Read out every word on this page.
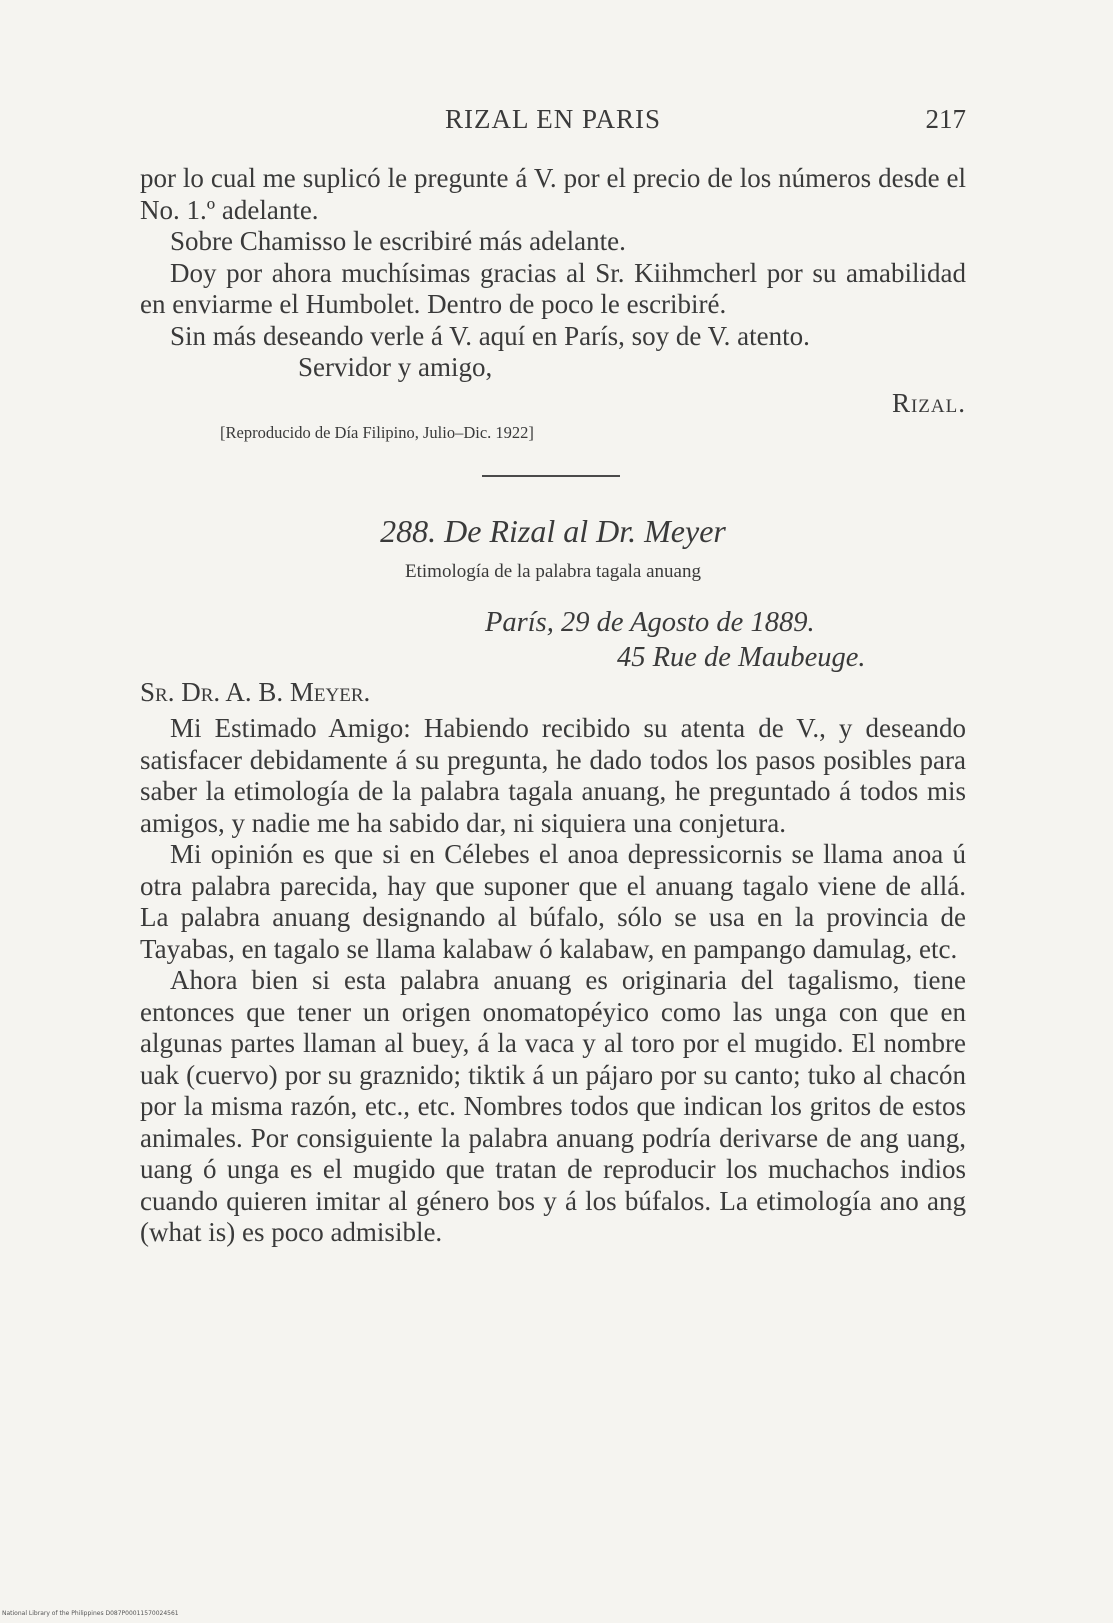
RIZAL EN PARIS	217

por lo cual me suplicó le pregunte á V. por el precio de los números desde el No. 1.º adelante.

Sobre Chamisso le escribiré más adelante.

Doy por ahora muchísimas gracias al Sr. Kiihmcherl por su amabilidad en enviarme el Humbolet. Dentro de poco le escribiré.

Sin más deseando verle á V. aquí en París, soy de V. atento.

Servidor y amigo,

Rizal.

[Reproducido de Día Filipino, Julio–Dic. 1922]

288. De Rizal al Dr. Meyer
Etimología de la palabra tagala anuang
París, 29 de Agosto de 1889.
45 Rue de Maubeuge.

Sr. Dr. A. B. Meyer.

Mi Estimado Amigo: Habiendo recibido su atenta de V., y deseando satisfacer debidamente á su pregunta, he dado todos los pasos posibles para saber la etimología de la palabra tagala anuang, he preguntado á todos mis amigos, y nadie me ha sabido dar, ni siquiera una conjetura.

Mi opinión es que si en Célebes el anoa depressicornis se llama anoa ú otra palabra parecida, hay que suponer que el anuang tagalo viene de allá. La palabra anuang designando al búfalo, sólo se usa en la provincia de Tayabas, en tagalo se llama kalabaw ó kalabaw, en pampango damulag, etc.

Ahora bien si esta palabra anuang es originaria del tagalismo, tiene entonces que tener un origen onomatopéyico como las unga con que en algunas partes llaman al buey, á la vaca y al toro por el mugido. El nombre uak (cuervo) por su graznido; tiktik á un pájaro por su canto; tuko al chacón por la misma razón, etc., etc. Nombres todos que indican los gritos de estos animales. Por consiguiente la palabra anuang podría derivarse de ang uang, uang ó unga es el mugido que tratan de reproducir los muchachos indios cuando quieren imitar al género bos y á los búfalos. La etimología ano ang (what is) es poco admisible.

National Library of the Philippines D087P00011570024561
